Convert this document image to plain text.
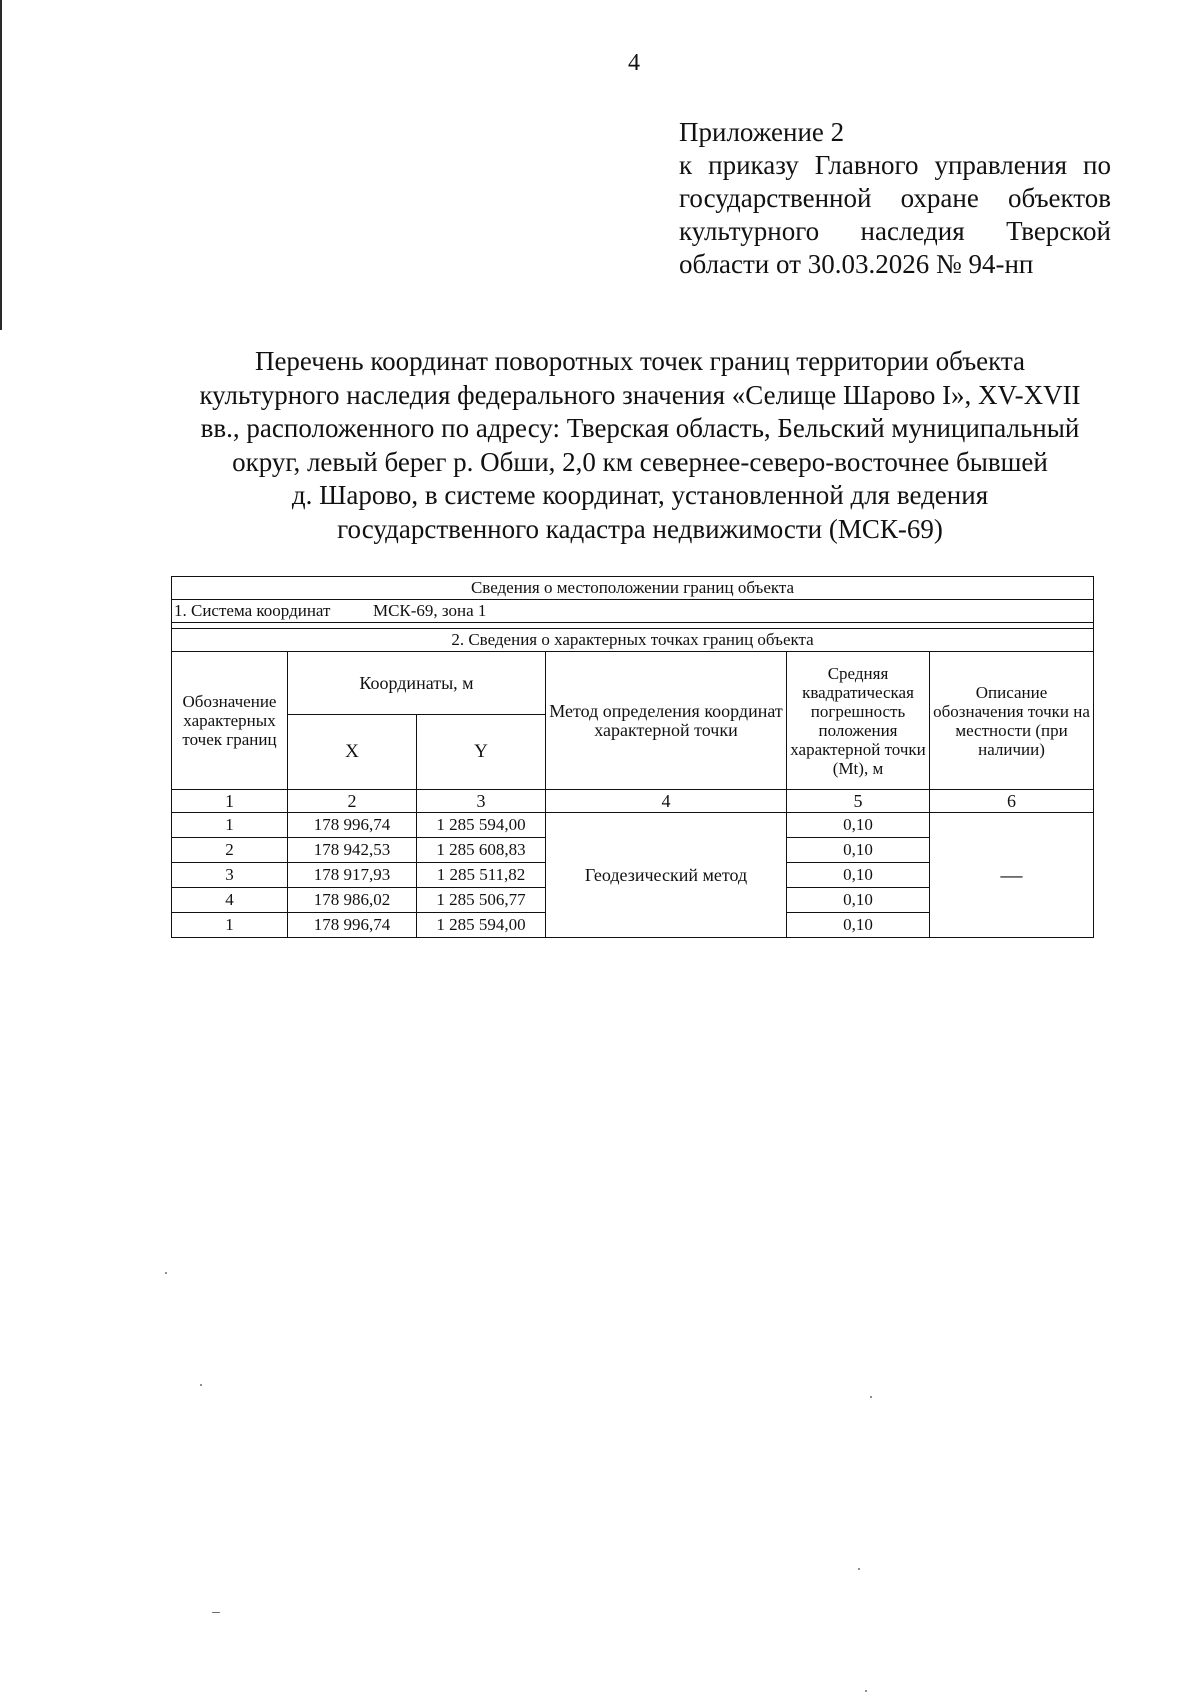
4
Приложение 2
к приказу Главного управления по
государственной охране объектов
культурного наследия Тверской
области от 30.03.2026 № 94-нп
Перечень координат поворотных точек границ территории объекта
культурного наследия федерального значения «Селище Шарово I», XV-XVII
вв., расположенного по адресу: Тверская область, Бельский муниципальный
округ, левый берег р. Обши, 2,0 км севернее-северо-восточнее бывшей
д. Шарово, в системе координат, установленной для ведения
государственного кадастра недвижимости (МСК-69)
Сведения о местоположении границ объекта					
1. Система координат МСК-69, зона 1					

2. Сведения о характерных точках границ объекта					
Обозначение характерных точек границ	Координаты, м		Метод определения координат характерной точки	Средняя квадратическая погрешность положения характерной точки (Mt), м	Описание обозначения точки на местности (при наличии)
	X	Y			
1	2	3	4	5	6
1	178 996,74	1 285 594,00	Геодезический метод	0,10	—
2	178 942,53	1 285 608,83		0,10	
3	178 917,93	1 285 511,82		0,10	
4	178 986,02	1 285 506,77		0,10	
1	178 996,74	1 285 594,00		0,10	
